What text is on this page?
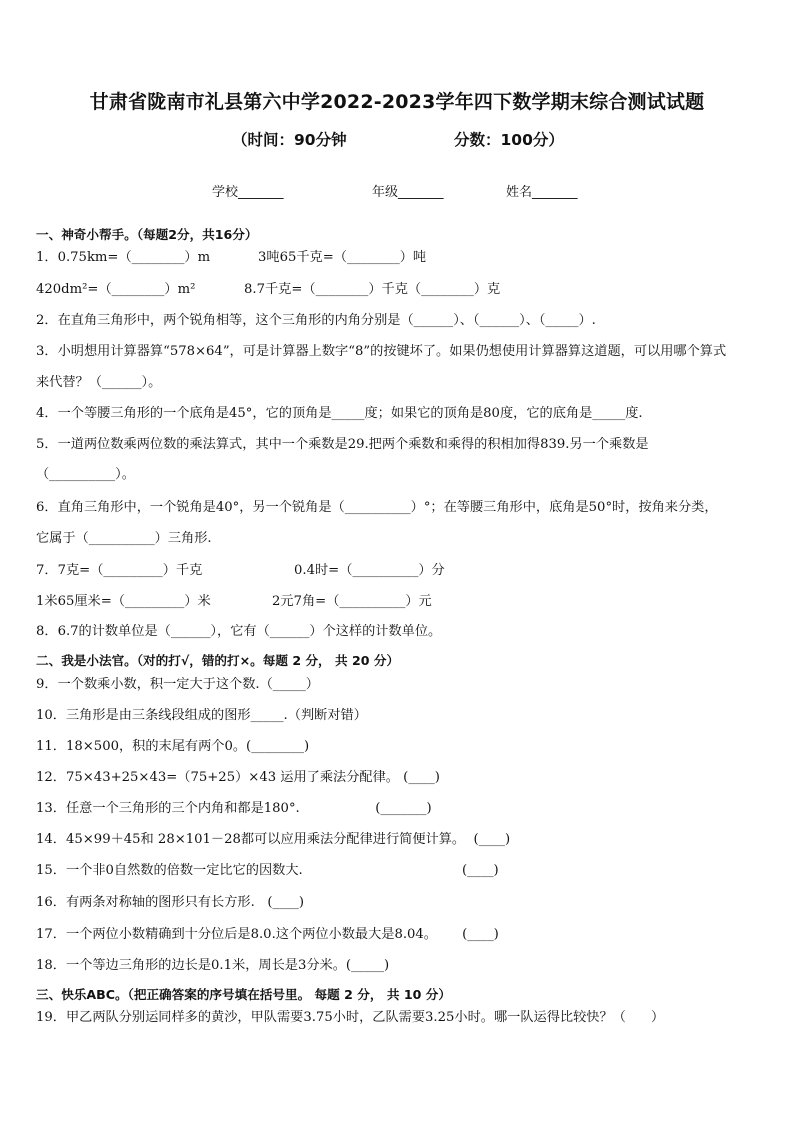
甘肃省陇南市礼县第六中学2022-2023学年四下数学期末综合测试试题
（时间：90分钟	分数：100分）
学校_______	年级_______	姓名_______
一、神奇小帮手。（每题2分，共16分）
1．0.75km=（________）m	3吨65千克=（________）吨
420dm²=（________）m²	8.7千克=（________）千克（________）克
2．在直角三角形中，两个锐角相等，这个三角形的内角分别是（______）、（______）、（_____）.
3．小明想用计算器算“578×64”，可是计算器上数字“8”的按键坏了。如果仍想使用计算器算这道题，可以用哪个算式
来代替？（______）。
4．一个等腰三角形的一个底角是45°，它的顶角是_____度；如果它的顶角是80度，它的底角是_____度.
5．一道两位数乘两位数的乘法算式，其中一个乘数是29.把两个乘数和乘得的积相加得839.另一个乘数是
（__________）。
6．直角三角形中，一个锐角是40°，另一个锐角是（__________）°；在等腰三角形中，底角是50°时，按角来分类，
它属于（__________）三角形.
7．7克=（_________）千克	0.4时=（__________）分
1米65厘米=（_________）米	2元7角=（__________）元
8．6.7的计数单位是（______），它有（______）个这样的计数单位。
二、我是小法官。（对的打√，错的打×。每题 2 分， 共 20 分）
9．一个数乘小数，积一定大于这个数.（_____）
10．三角形是由三条线段组成的图形_____.（判断对错）
11．18×500，积的末尾有两个0。(________)
12．75×43+25×43=（75+25）×43 运用了乘法分配律。 (____)
13．任意一个三角形的三个内角和都是180°.                  (_______)
14．45×99＋45和 28×101－28都可以应用乘法分配律进行简便计算。  (____)
15．一个非0自然数的倍数一定比它的因数大.                                      (____)
16．有两条对称轴的图形只有长方形.   (____)
17．一个两位小数精确到十分位后是8.0.这个两位小数最大是8.04。      (____)
18．一个等边三角形的边长是0.1米，周长是3分米。(_____)
三、快乐ABC。（把正确答案的序号填在括号里。 每题 2 分， 共 10 分）
19．甲乙两队分别运同样多的黄沙，甲队需要3.75小时，乙队需要3.25小时。哪一队运得比较快？（      ）
